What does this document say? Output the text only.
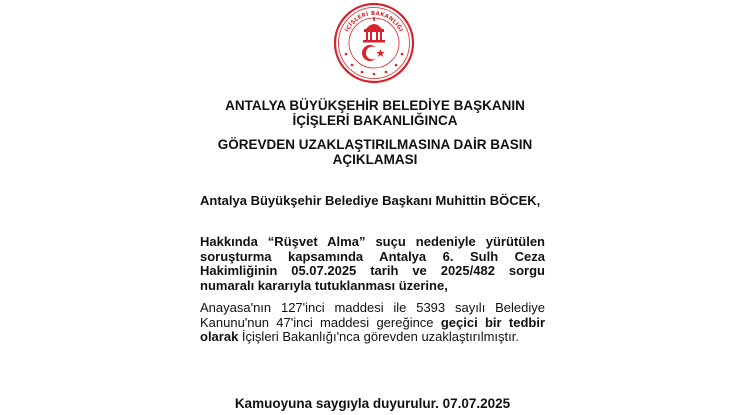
İÇİŞLERİ BAKANLIĞI
ANTALYA BÜYÜKŞEHİR BELEDİYE BAŞKANIN
İÇİŞLERİ BAKANLIĞINCA
GÖREVDEN UZAKLAŞTIRILMASINA DAİR BASIN
AÇIKLAMASI
Antalya Büyükşehir Belediye Başkanı Muhittin BÖCEK,
Hakkında “Rüşvet Alma” suçu nedeniyle yürütülen soruşturma kapsamında Antalya 6. Sulh Ceza Hakimliğinin 05.07.2025 tarih ve 2025/482 sorgu numaralı kararıyla tutuklanması üzerine,
Anayasa'nın 127'inci maddesi ile 5393 sayılı Belediye Kanunu'nun 47'inci maddesi gereğince geçici bir tedbir olarak İçişleri Bakanlığı'nca görevden uzaklaştırılmıştır.
Kamuoyuna saygıyla duyurulur. 07.07.2025
